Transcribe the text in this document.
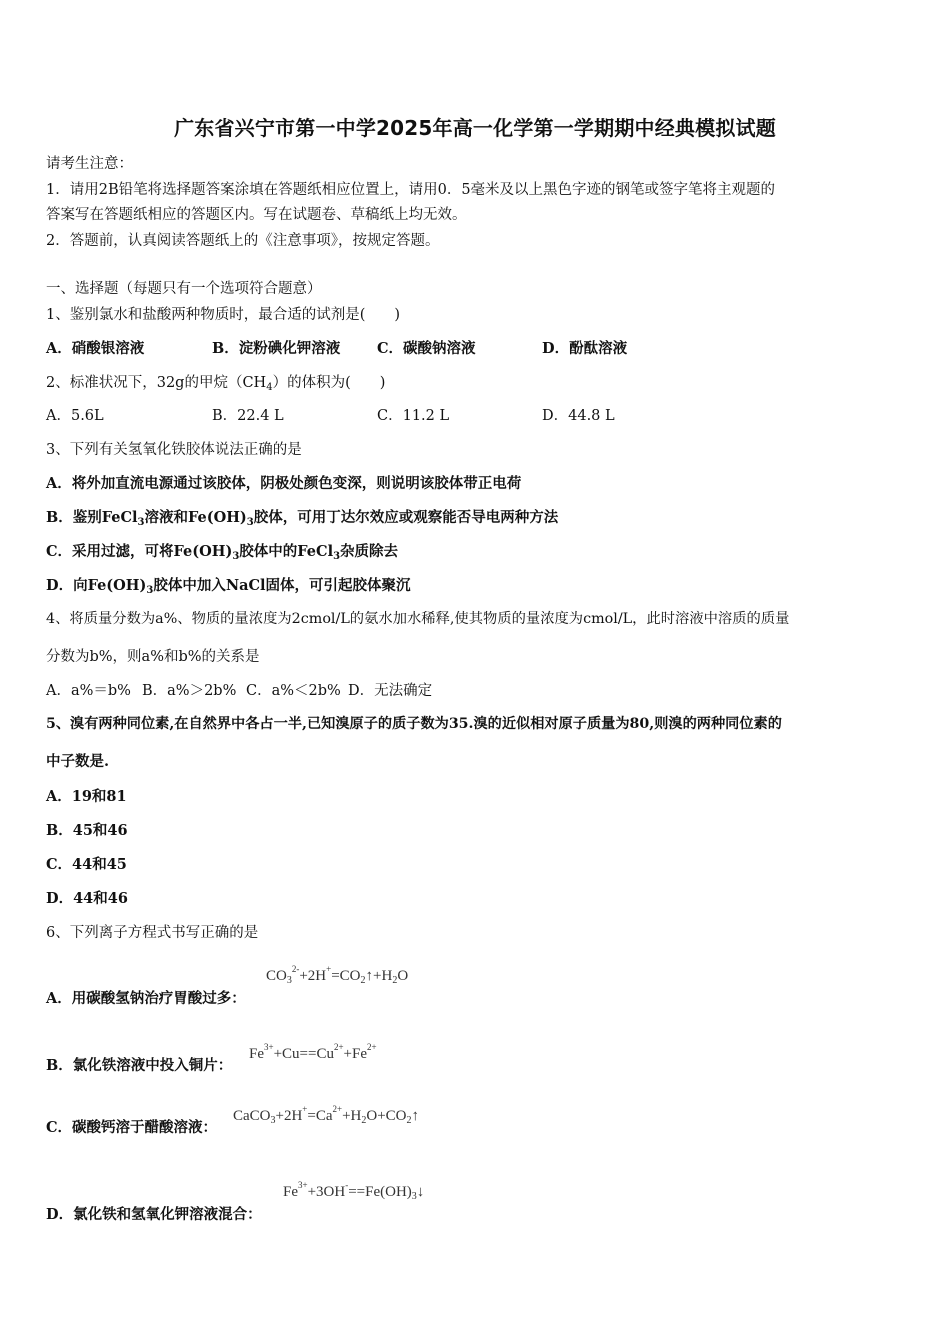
广东省兴宁市第一中学2025年高一化学第一学期期中经典模拟试题
请考生注意：
1．请用2B铅笔将选择题答案涂填在答题纸相应位置上，请用0．5毫米及以上黑色字迹的钢笔或签字笔将主观题的
答案写在答题纸相应的答题区内。写在试题卷、草稿纸上均无效。
2．答题前，认真阅读答题纸上的《注意事项》，按规定答题。
一、选择题（每题只有一个选项符合题意）
1、鉴别氯水和盐酸两种物质时，最合适的试剂是(　　)
A．硝酸银溶液	B．淀粉碘化钾溶液	C．碳酸钠溶液	D．酚酞溶液
2、标准状况下，32g的甲烷$(CH_4)$的体积为(　　)
A．5.6L	B．22.4 L	C．11.2 L	D．44.8 L
3、下列有关氢氧化铁胶体说法正确的是
A．将外加直流电源通过该胶体，阴极处颜色变深，则说明该胶体带正电荷
B．鉴别FeCl$_3$溶液和$Fe(OH)_3$胶体，可用丁达尔效应或观察能否导电两种方法
C．采用过滤，可将$Fe(OH)_3$胶体中的FeCl$_3$杂质除去
D．向$Fe(OH)_3$胶体中加入NaCl固体，可引起胶体聚沉
4、将质量分数为a%、物质的量浓度为2cmol/L的氨水加水稀释,使其物质的量浓度为cmol/L，此时溶液中溶质的质量
分数为b%，则a%和b%的关系是
A．a%＝b% B．a%＞2b% C．a%＜2b% D．无法确定
5、溴有两种同位素,在自然界中各占一半,已知溴原子的质子数为35.溴的近似相对原子质量为80,则溴的两种同位素的
中子数是.
A．19和81
B．45和46
C．44和45
D．44和46
6、下列离子方程式书写正确的是
A．用碳酸氢钠治疗胃酸过多：
$CO_3^{2-}+2H^+=CO_2↑+H_2O$
B．氯化铁溶液中投入铜片：
$Fe^{3+}+Cu==Cu^{2+}+Fe^{2+}$
C．碳酸钙溶于醋酸溶液：
$CaCO_3+2H^+=Ca^{2+}+H_2O+CO_2↑$
D．氯化铁和氢氧化钾溶液混合：
$Fe^{3+}+3OH^-==Fe(OH)_3↓$
